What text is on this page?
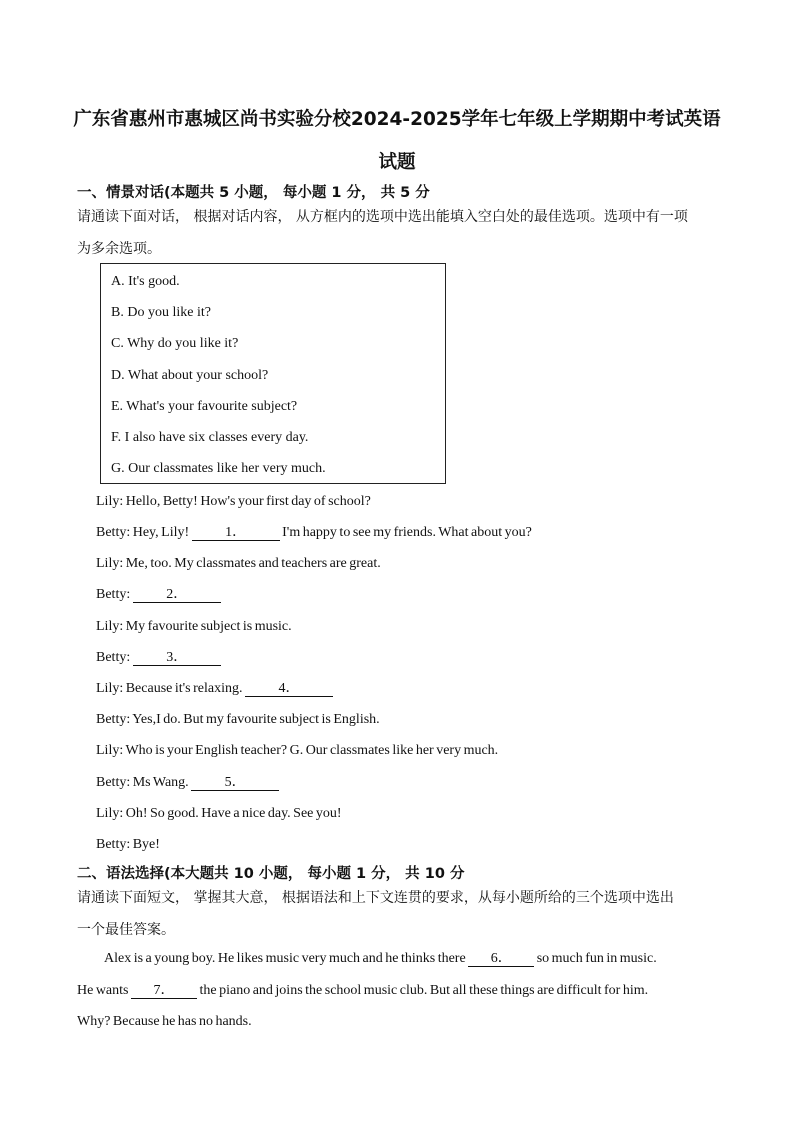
广东省惠州市惠城区尚书实验分校2024-2025学年七年级上学期期中考试英语
试题
一、情景对话(本题共 5 小题， 每小题 1 分， 共 5 分
请通读下面对话， 根据对话内容， 从方框内的选项中选出能填入空白处的最佳选项。选项中有一项
为多余选项。
A. It's good.
B. Do you like it?
C. Why do you like it?
D. What about your school?
E. What's your favourite subject?
F. I also have six classes every day.
G. Our classmates like her very much.
Lily: Hello, Betty! How's your first day of school?
Betty: Hey, Lily! 1． I'm happy to see my friends. What about you?
Lily: Me, too. My classmates and teachers are great.
Betty: 2．
Lily: My favourite subject is music.
Betty: 3．
Lily: Because it's relaxing. 4．
Betty: Yes,I do. But my favourite subject is English.
Lily: Who is your English teacher? G. Our classmates like her very much.
Betty: Ms Wang. 5．
Lily: Oh! So good. Have a nice day. See you!
Betty: Bye!
二、语法选择(本大题共 10 小题， 每小题 1 分， 共 10 分
请通读下面短文， 掌握其大意， 根据语法和上下文连贯的要求，从每小题所给的三个选项中选出
一个最佳答案。
Alex is a young boy. He likes music very much and he thinks there 6． so much fun in music.
He wants 7． the piano and joins the school music club. But all these things are difficult for him.
Why? Because he has no hands.
